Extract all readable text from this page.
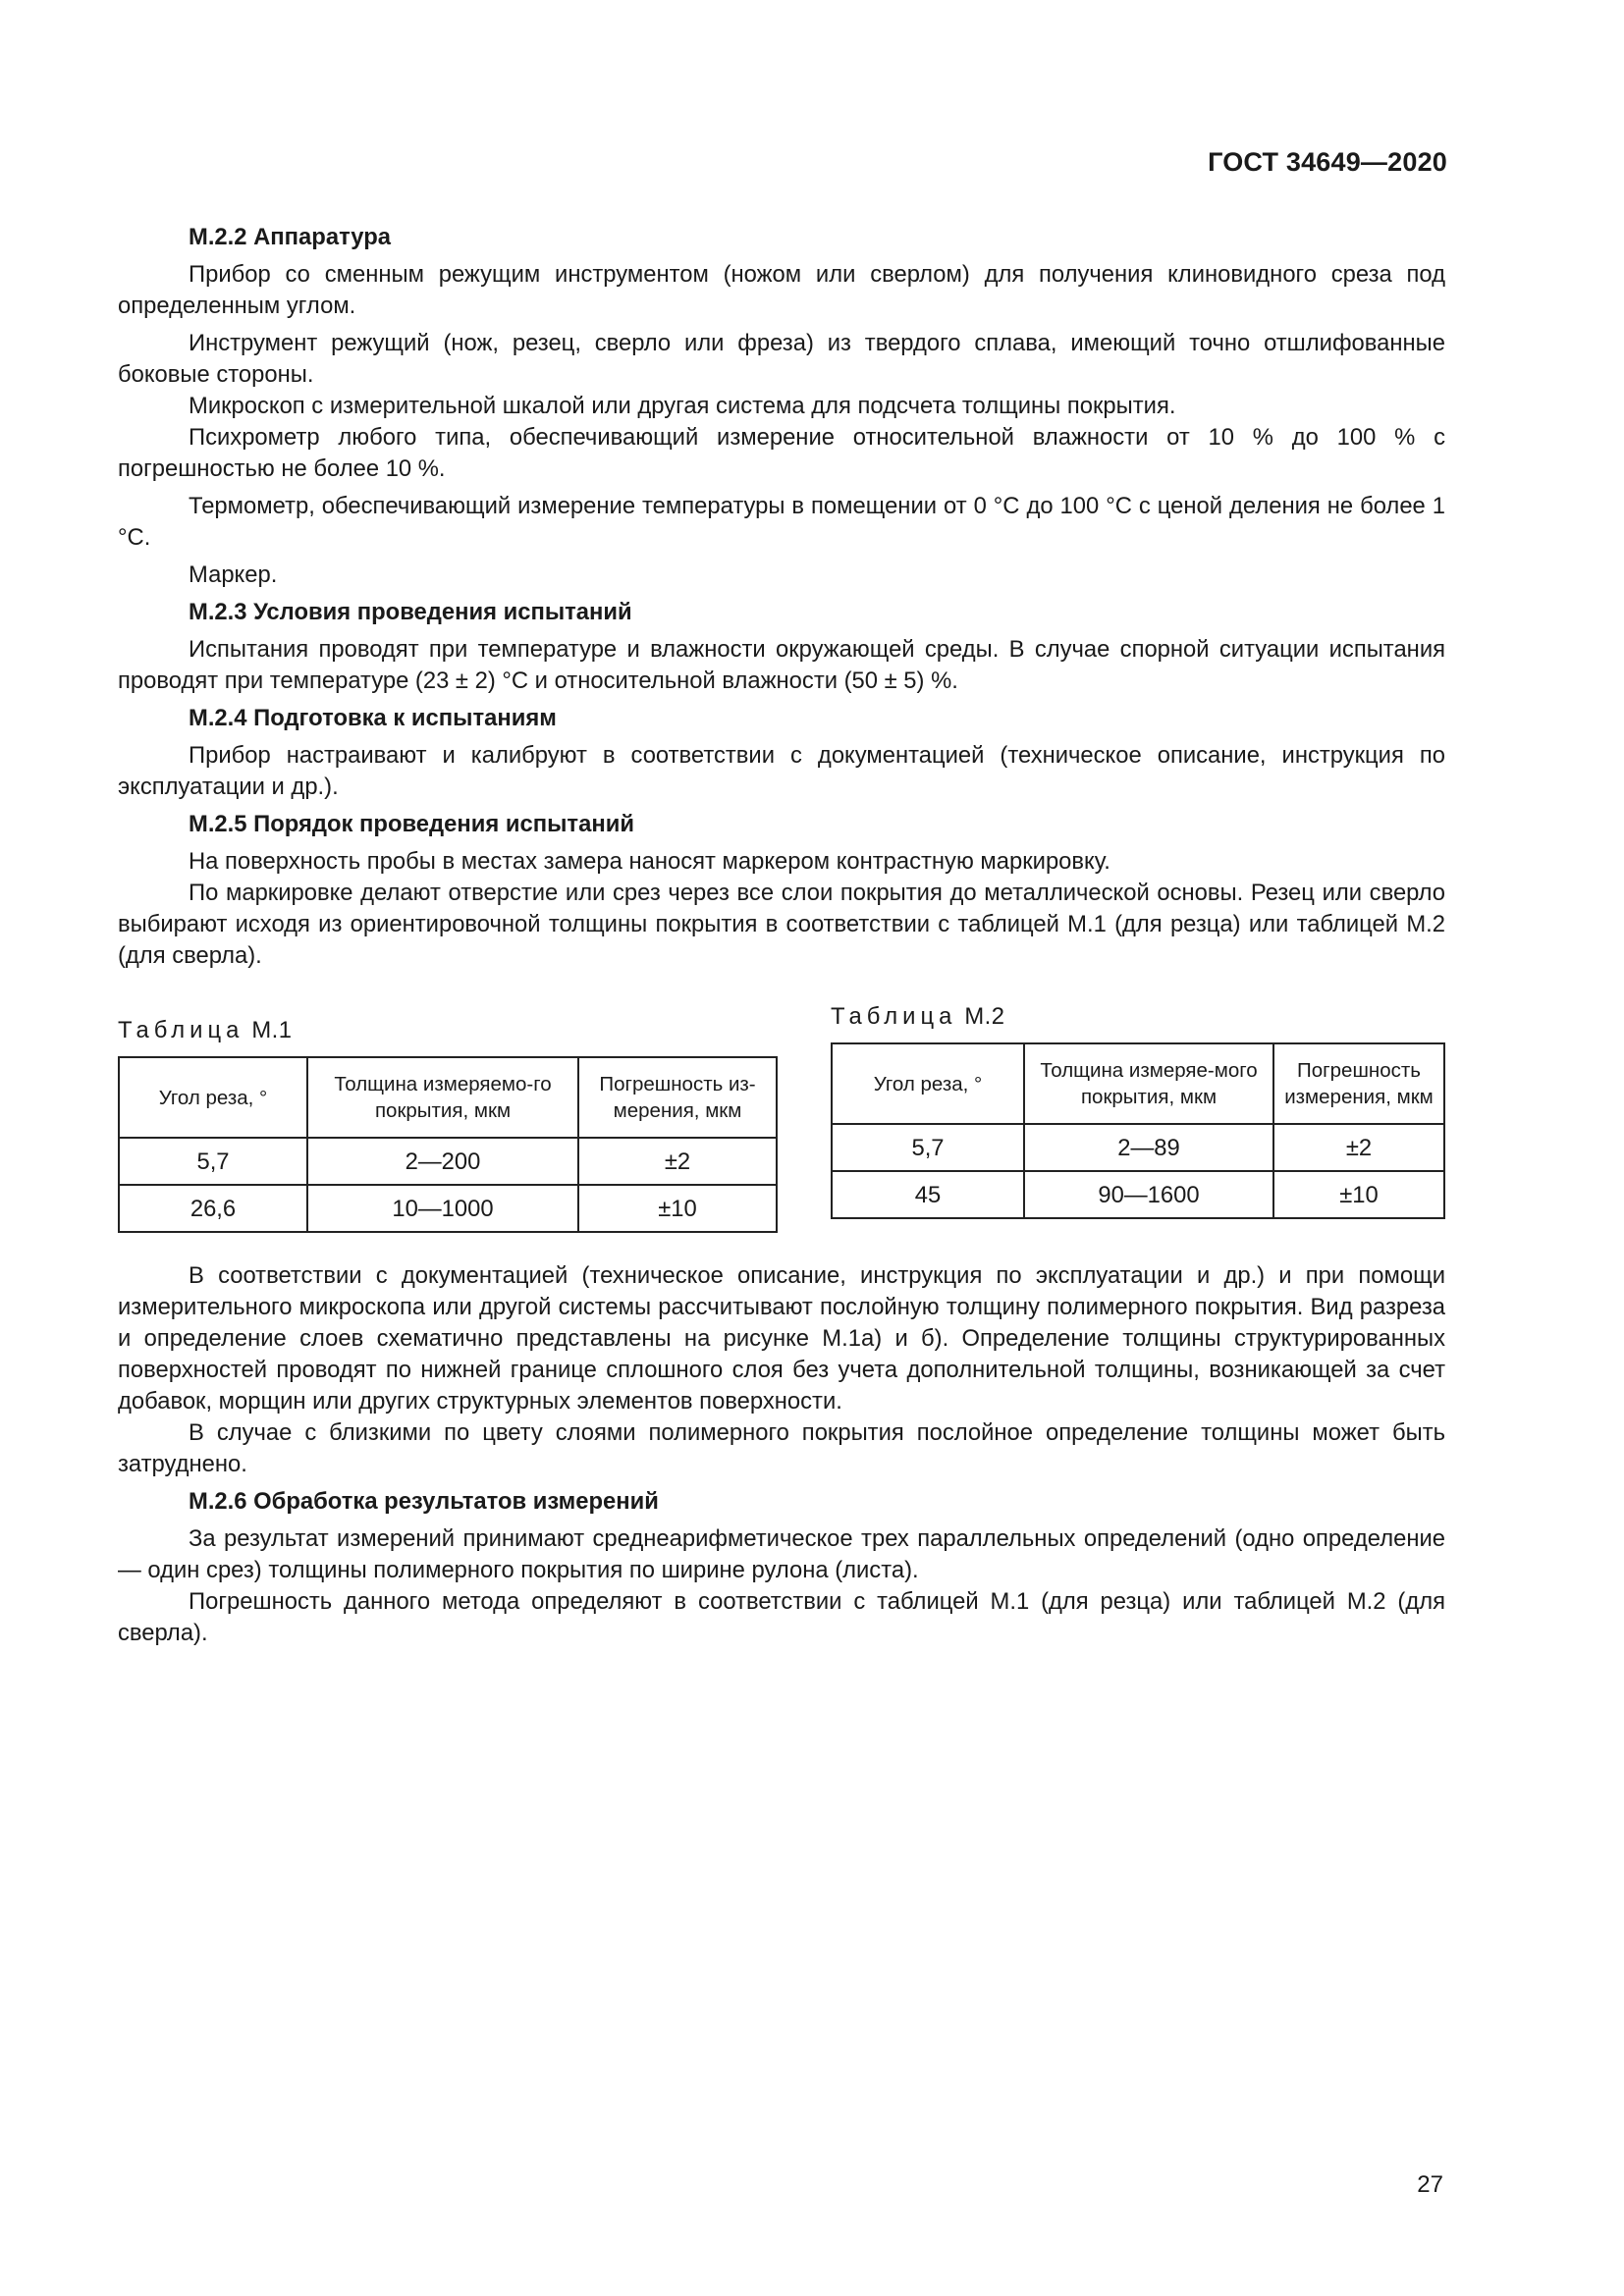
ГОСТ 34649—2020

М.2.2 Аппаратура

Прибор со сменным режущим инструментом (ножом или сверлом) для получения клиновидного среза под определенным углом.

Инструмент режущий (нож, резец, сверло или фреза) из твердого сплава, имеющий точно отшлифованные боковые стороны.

Микроскоп с измерительной шкалой или другая система для подсчета толщины покрытия.

Психрометр любого типа, обеспечивающий измерение относительной влажности от 10 % до 100 % с погрешностью не более 10 %.

Термометр, обеспечивающий измерение температуры в помещении от 0 °С до 100 °С с ценой деления не более 1 °С.

Маркер.

М.2.3 Условия проведения испытаний

Испытания проводят при температуре и влажности окружающей среды. В случае спорной ситуации испытания проводят при температуре (23 ± 2) °С и относительной влажности (50 ± 5) %.

М.2.4 Подготовка к испытаниям

Прибор настраивают и калибруют в соответствии с документацией (техническое описание, инструкция по эксплуатации и др.).

М.2.5 Порядок проведения испытаний

На поверхность пробы в местах замера наносят маркером контрастную маркировку.

По маркировке делают отверстие или срез через все слои покрытия до металлической основы. Резец или сверло выбирают исходя из ориентировочной толщины покрытия в соответствии с таблицей М.1 (для резца) или таблицей М.2 (для сверла).

Таблица М.1
Угол реза, °	Толщина измеряемо-го покрытия, мкм	Погрешность из-мерения, мкм
5,7	2—200	±2
26,6	10—1000	±10
Таблица М.2
Угол реза, °	Толщина измеряе-мого покрытия, мкм	Погрешность измерения, мкм
5,7	2—89	±2
45	90—1600	±10

В соответствии с документацией (техническое описание, инструкция по эксплуатации и др.) и при помощи измерительного микроскопа или другой системы рассчитывают послойную толщину полимерного покрытия. Вид разреза и определение слоев схематично представлены на рисунке М.1а) и б). Определение толщины структурированных поверхностей проводят по нижней границе сплошного слоя без учета дополнительной толщины, возникающей за счет добавок, морщин или других структурных элементов поверхности.

В случае с близкими по цвету слоями полимерного покрытия послойное определение толщины может быть затруднено.

М.2.6 Обработка результатов измерений

За результат измерений принимают среднеарифметическое трех параллельных определений (одно определение — один срез) толщины полимерного покрытия по ширине рулона (листа).

Погрешность данного метода определяют в соответствии с таблицей М.1 (для резца) или таблицей М.2 (для сверла).

27
